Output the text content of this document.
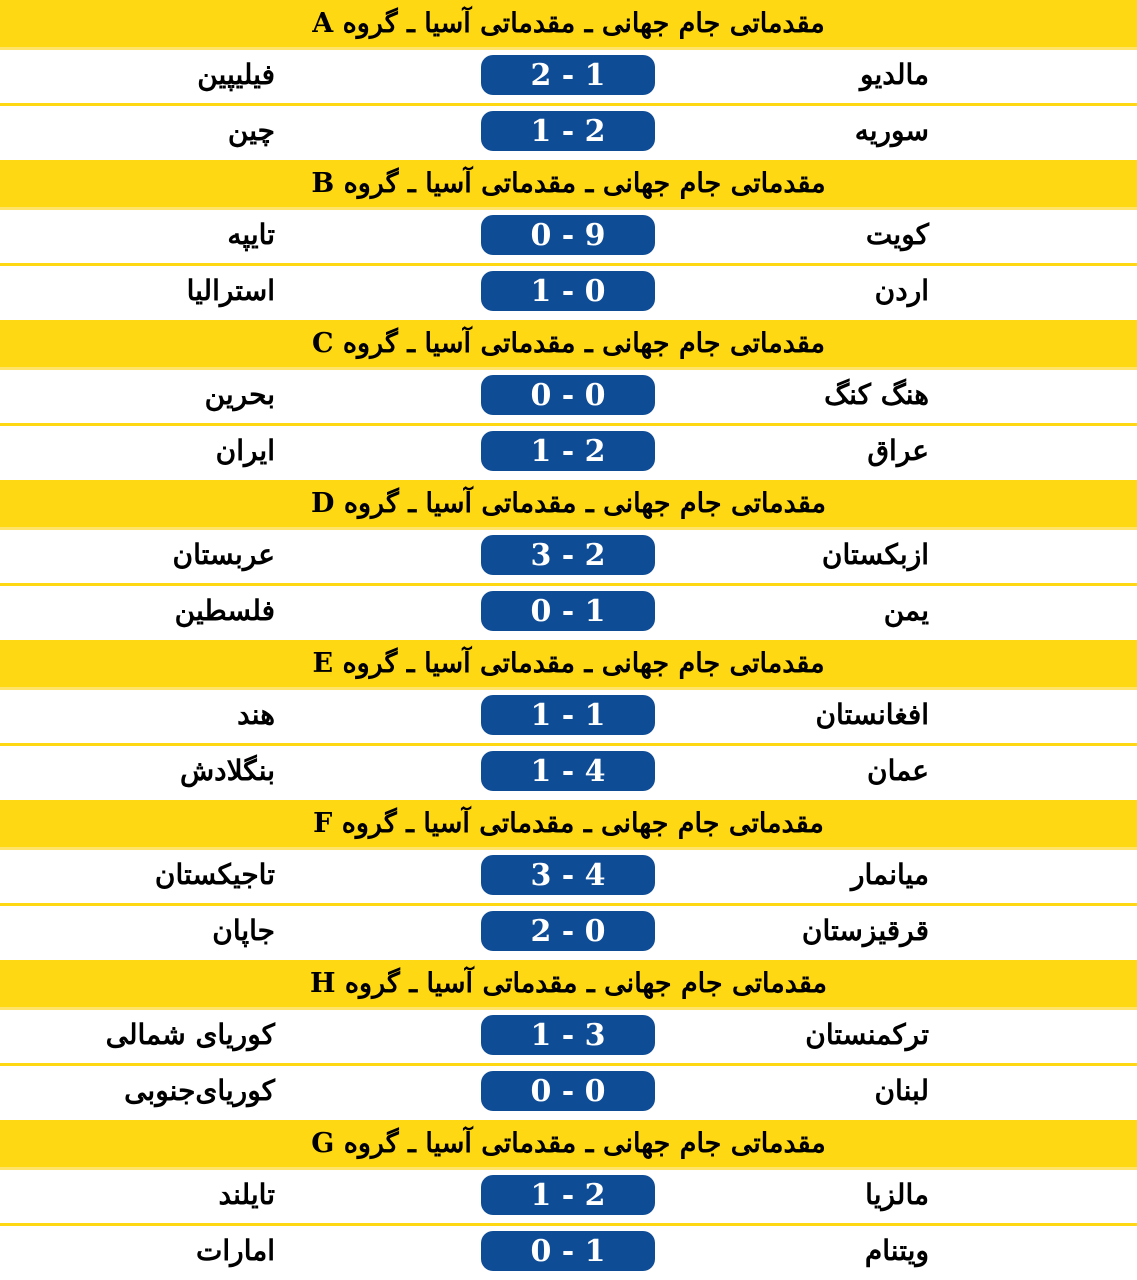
مقدماتی جام جهانی ـ مقدماتی آسیا ـ گروه A
مالدیو
2 - 1
فیلیپین
سوریه
1 - 2
چین
مقدماتی جام جهانی ـ مقدماتی آسیا ـ گروه B
کویت
0 - 9
تایپه
اردن
1 - 0
استرالیا
مقدماتی جام جهانی ـ مقدماتی آسیا ـ گروه C
هنگ کنگ
0 - 0
بحرین
عراق
1 - 2
ایران
مقدماتی جام جهانی ـ مقدماتی آسیا ـ گروه D
ازبکستان
3 - 2
عربستان
یمن
0 - 1
فلسطین
مقدماتی جام جهانی ـ مقدماتی آسیا ـ گروه E
افغانستان
1 - 1
هند
عمان
1 - 4
بنگلادش
مقدماتی جام جهانی ـ مقدماتی آسیا ـ گروه F
میانمار
3 - 4
تاجیکستان
قرقیزستان
2 - 0
جاپان
مقدماتی جام جهانی ـ مقدماتی آسیا ـ گروه H
ترکمنستان
1 - 3
کوریای شمالی
لبنان
0 - 0
کوریای‌جنوبی
مقدماتی جام جهانی ـ مقدماتی آسیا ـ گروه G
مالزیا
1 - 2
تایلند
ویتنام
0 - 1
امارات
